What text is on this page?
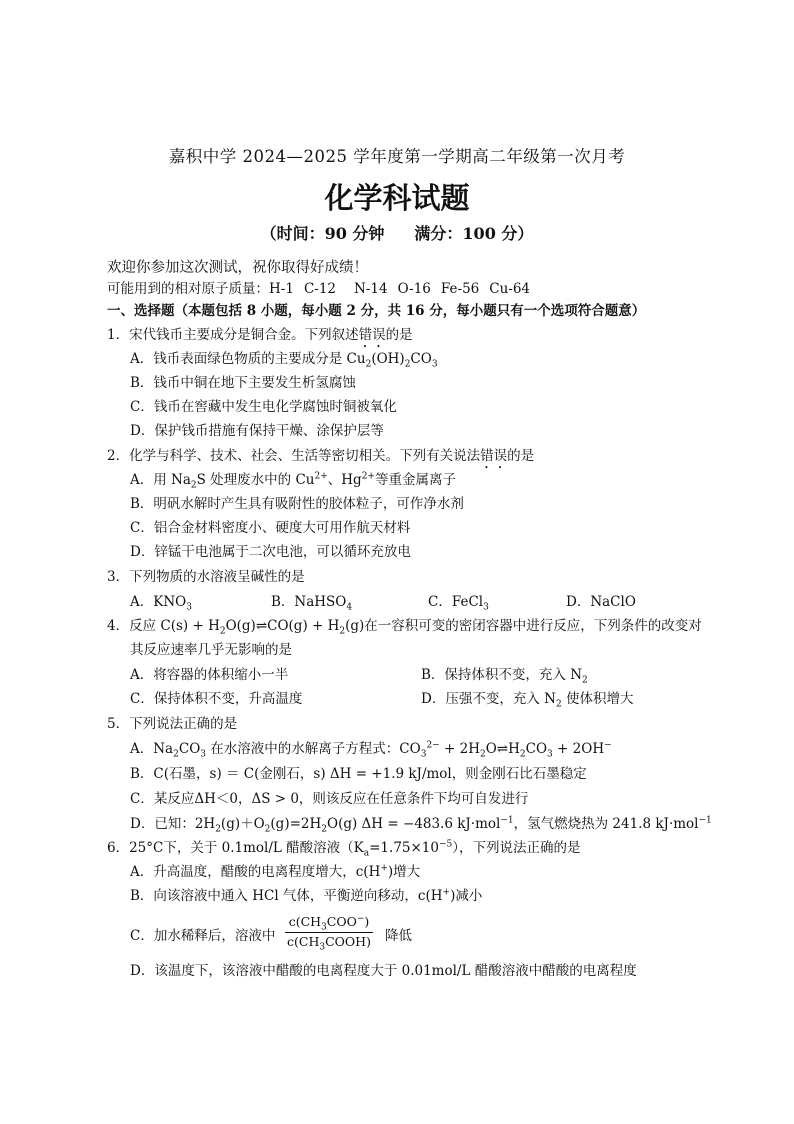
嘉积中学 2024—2025 学年度第一学期高二年级第一次月考
化学科试题
（时间：90 分钟 满分：100 分）
欢迎你参加这次测试，祝你取得好成绩！
可能用到的相对原子质量：H-1 C-12 N-14 O-16 Fe-56 Cu-64
一、选择题（本题包括 8 小题，每小题 2 分，共 16 分，每小题只有一个选项符合题意）
1．宋代钱币主要成分是铜合金。下列叙述错误的是
A．钱币表面绿色物质的主要成分是 $Cu_2(OH)_2CO_3$
B．钱币中铜在地下主要发生析氢腐蚀
C．钱币在窖藏中发生电化学腐蚀时铜被氧化
D．保护钱币措施有保持干燥、涂保护层等
2．化学与科学、技术、社会、生活等密切相关。下列有关说法错误的是
A．用 $Na_2S$ 处理废水中的 $Cu^{2+}$、$Hg^{2+}$等重金属离子
B．明矾水解时产生具有吸附性的胶体粒子，可作净水剂
C．铝合金材料密度小、硬度大可用作航天材料
D．锌锰干电池属于二次电池，可以循环充放电
3．下列物质的水溶液呈碱性的是
A．$KNO_3$	B．NaHSO$_4$	C．FeCl$_3$	D．NaClO
4．反应 $C(s) + H_2O(g)\rightleftharpoons CO(g) + H_2(g)$在一容积可变的密闭容器中进行反应，下列条件的改变对
其反应速率几乎无影响的是
A．将容器的体积缩小一半	B．保持体积不变，充入 $N_2$
C．保持体积不变，升高温度	D．压强不变，充入 $N_2$ 使体积增大
5．下列说法正确的是
A．$Na_2CO_3$ 在水溶液中的水解离子方程式：$CO_3^{2-}$ + $2H_2O\rightleftharpoons H_2CO_3 + 2OH^-$
B．C(石墨，s) ＝ C(金刚石，s) ΔH = +1.9 kJ/mol，则金刚石比石墨稳定
C．某反应ΔH＜0，ΔS > 0，则该反应在任意条件下均可自发进行
D．已知：$2H_2(g)+O_2(g)=2H_2O(g) \Delta H = -483.6$ kJ·mol$^{-1}$，氢气燃烧热为 241.8 kJ·mol$^{-1}$
6．25°C下，关于 0.1mol/L 醋酸溶液$(K_a=1.75\times 10^{-5})$，下列说法正确的是
A．升高温度，醋酸的电离程度增大，c(H+)增大
B．向该溶液中通入 HCl 气体，平衡逆向移动，c(H+)减小
C．加水稀释后，溶液中
$c(CH_3COO^-)$
$c(CH_3COOH)$ 降低
D．该温度下，该溶液中醋酸的电离程度大于 0.01mol/L 醋酸溶液中醋酸的电离程度
